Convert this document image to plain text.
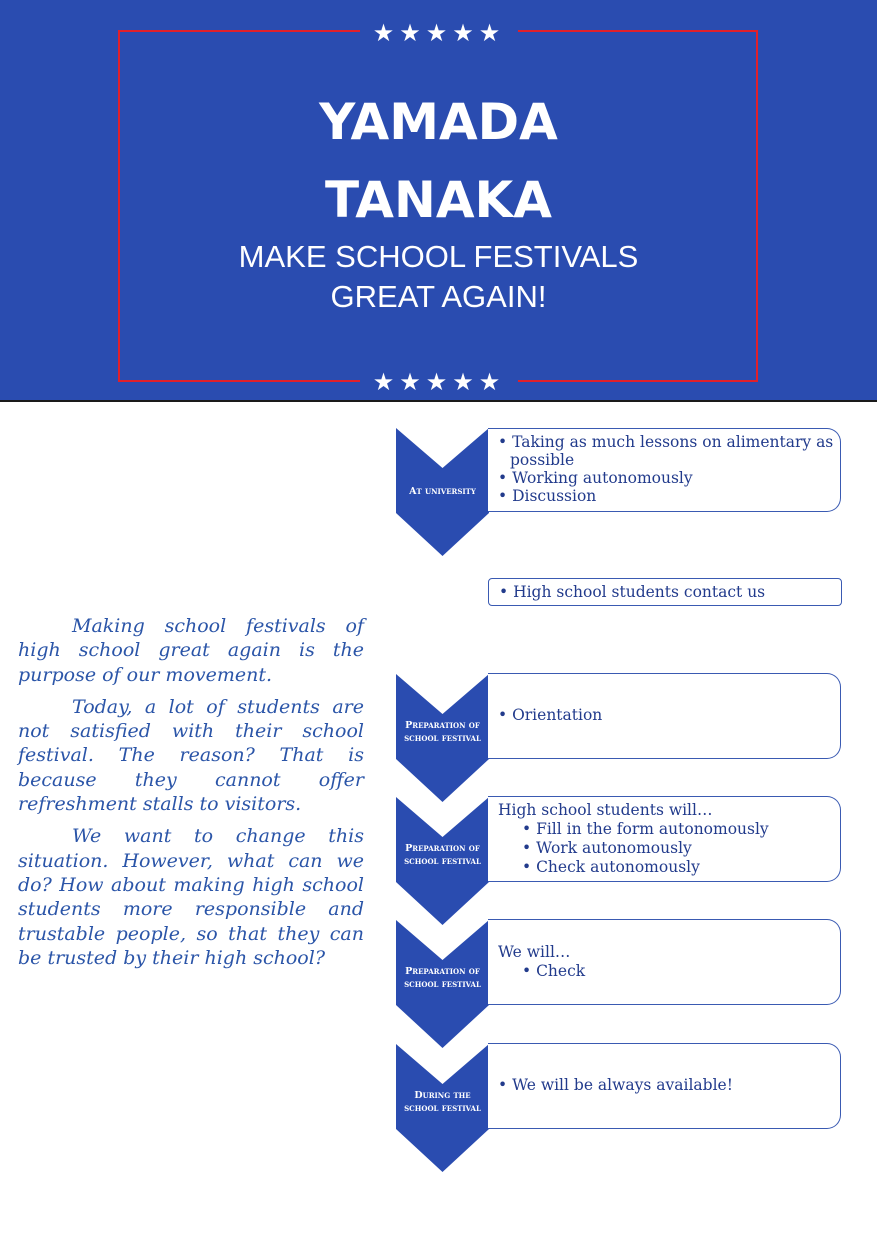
★★★★★
★★★★★
YAMADA
TANAKA
MAKE SCHOOL FESTIVALS
GREAT AGAIN!

Making school festivals of high school great again is the purpose of our movement.

Today, a lot of students are not satisfied with their school festival. The reason? That is because they cannot offer refreshment stalls to visitors.

We want to change this situation. However, what can we do? How about making high school students more responsible and trustable people, so that they can be trusted by their high school?

At university
• Taking as much lessons on alimentary as possible
• Working autonomously
• Discussion
• High school students contact us
Preparation of school festival
• Orientation
Preparation of school festival
High school students will…
• Fill in the form autonomously
• Work autonomously
• Check autonomously
Preparation of school festival
We will…
• Check
During the school festival
• We will be always available!
